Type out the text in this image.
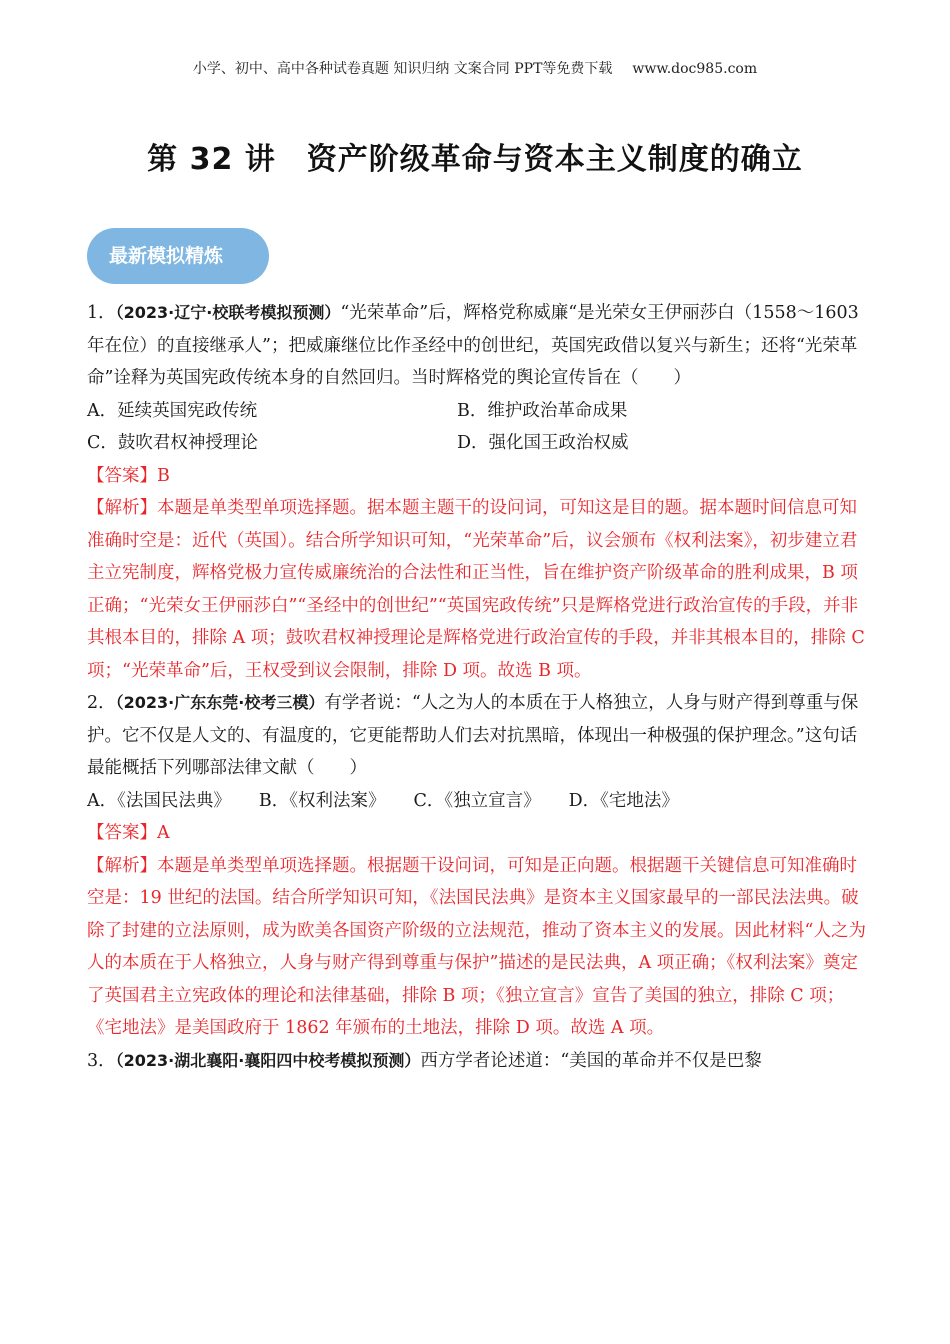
小学、初中、高中各种试卷真题 知识归纳 文案合同 PPT等免费下载 www.doc985.com
第 32 讲　资产阶级革命与资本主义制度的确立
最新模拟精炼

1．（2023·辽宁·校联考模拟预测）“光荣革命”后，辉格党称威廉“是光荣女王伊丽莎白（1558～1603 年在位）的直接继承人”；把威廉继位比作圣经中的创世纪，英国宪政借以复兴与新生；还将“光荣革命”诠释为英国宪政传统本身的自然回归。当时辉格党的舆论宣传旨在（　　）

A．延续英国宪政传统	B．维护政治革命成果
C．鼓吹君权神授理论	D．强化国王政治权威

【答案】B

【解析】本题是单类型单项选择题。据本题主题干的设问词，可知这是目的题。据本题时间信息可知准确时空是：近代（英国）。结合所学知识可知，“光荣革命”后，议会颁布《权利法案》，初步建立君主立宪制度，辉格党极力宣传威廉统治的合法性和正当性，旨在维护资产阶级革命的胜利成果，B 项正确；“光荣女王伊丽莎白”“圣经中的创世纪”“英国宪政传统”只是辉格党进行政治宣传的手段，并非其根本目的，排除 A 项；鼓吹君权神授理论是辉格党进行政治宣传的手段，并非其根本目的，排除 C 项；“光荣革命”后，王权受到议会限制，排除 D 项。故选 B 项。

2．（2023·广东东莞·校考三模）有学者说：“人之为人的本质在于人格独立，人身与财产得到尊重与保护。它不仅是人文的、有温度的，它更能帮助人们去对抗黑暗，体现出一种极强的保护理念。”这句话最能概括下列哪部法律文献（　　）

A．《法国民法典》 B．《权利法案》 C．《独立宣言》 D．《宅地法》

【答案】A

【解析】本题是单类型单项选择题。根据题干设问词，可知是正向题。根据题干关键信息可知准确时空是：19 世纪的法国。结合所学知识可知，《法国民法典》是资本主义国家最早的一部民法法典。破除了封建的立法原则，成为欧美各国资产阶级的立法规范，推动了资本主义的发展。因此材料“人之为人的本质在于人格独立，人身与财产得到尊重与保护”描述的是民法典，A 项正确；《权利法案》奠定了英国君主立宪政体的理论和法律基础，排除 B 项；《独立宣言》宣告了美国的独立，排除 C 项；《宅地法》是美国政府于 1862 年颁布的土地法，排除 D 项。故选 A 项。

3．（2023·湖北襄阳·襄阳四中校考模拟预测）西方学者论述道：“美国的革命并不仅是巴黎
